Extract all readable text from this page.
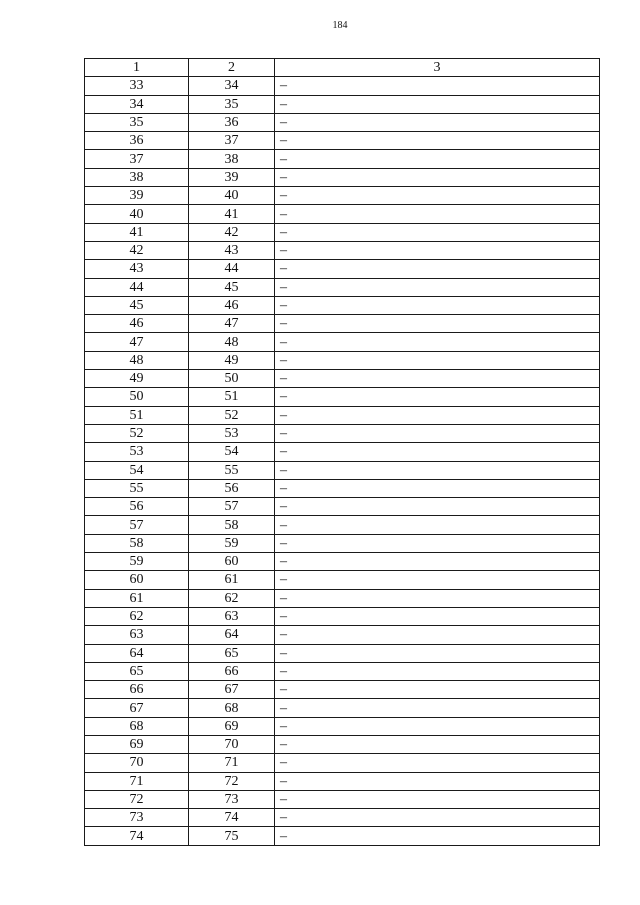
184
1	2	3
33	34	–
34	35	–
35	36	–
36	37	–
37	38	–
38	39	–
39	40	–
40	41	–
41	42	–
42	43	–
43	44	–
44	45	–
45	46	–
46	47	–
47	48	–
48	49	–
49	50	–
50	51	–
51	52	–
52	53	–
53	54	–
54	55	–
55	56	–
56	57	–
57	58	–
58	59	–
59	60	–
60	61	–
61	62	–
62	63	–
63	64	–
64	65	–
65	66	–
66	67	–
67	68	–
68	69	–
69	70	–
70	71	–
71	72	–
72	73	–
73	74	–
74	75	–
